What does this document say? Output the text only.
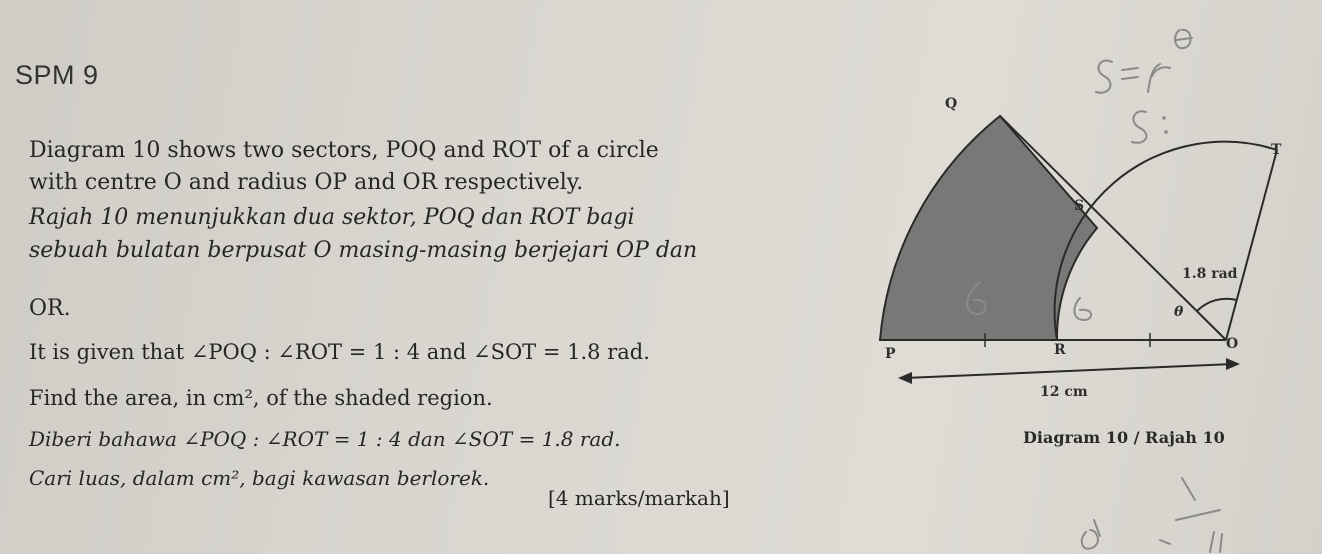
SPM 9
Diagram 10 shows two sectors, POQ and ROT of a circle
with centre O and radius OP and OR respectively.
Rajah 10 menunjukkan dua sektor, POQ dan ROT bagi
sebuah bulatan berpusat O masing-masing berjejari OP dan
OR.
It is given that ∠POQ : ∠ROT = 1 : 4 and ∠SOT = 1.8 rad.
Find the area, in cm², of the shaded region.
Diberi bahawa ∠POQ : ∠ROT = 1 : 4 dan ∠SOT = 1.8 rad.
Cari luas, dalam cm², bagi kawasan berlorek.
[4 marks/markah]
Q
T
S
P	R	O
1.8 rad
θ
12 cm
Diagram 10 / Rajah 10
